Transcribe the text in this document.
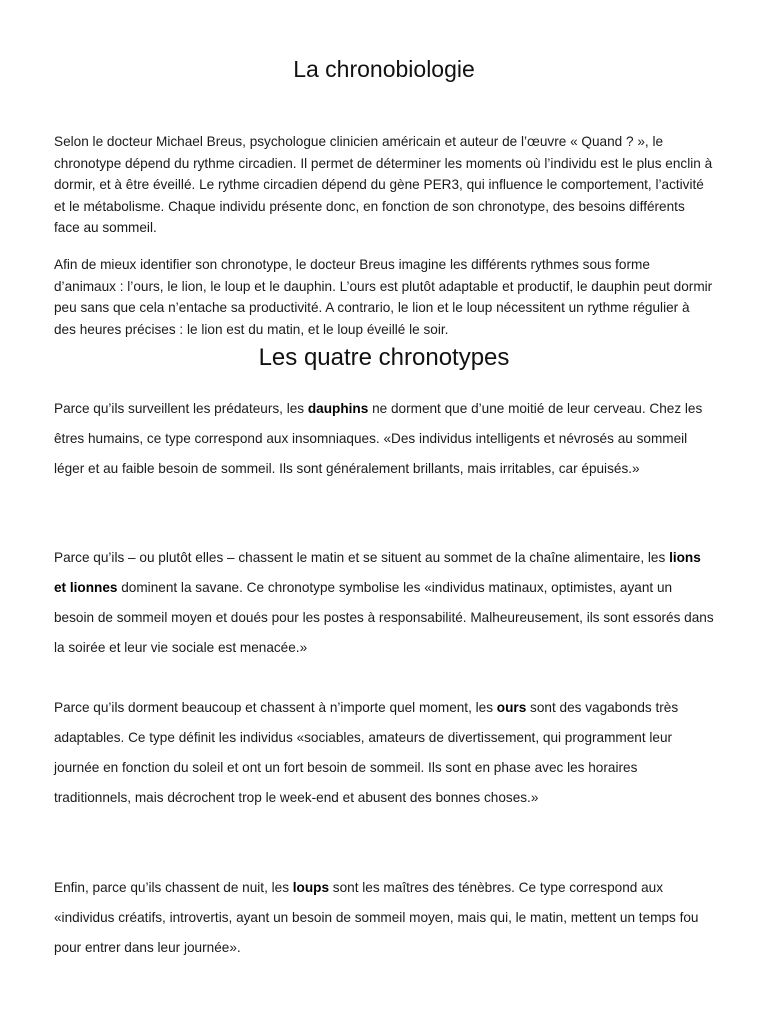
La chronobiologie

Selon le docteur Michael Breus, psychologue clinicien américain et auteur de l’œuvre « Quand ? », le chronotype dépend du rythme circadien. Il permet de déterminer les moments où l’individu est le plus enclin à dormir, et à être éveillé. Le rythme circadien dépend du gène PER3, qui influence le comportement, l’activité et le métabolisme. Chaque individu présente donc, en fonction de son chronotype, des besoins différents face au sommeil.

Afin de mieux identifier son chronotype, le docteur Breus imagine les différents rythmes sous forme d’animaux : l’ours, le lion, le loup et le dauphin. L’ours est plutôt adaptable et productif, le dauphin peut dormir peu sans que cela n’entache sa productivité. A contrario, le lion et le loup nécessitent un rythme régulier à des heures précises : le lion est du matin, et le loup éveillé le soir.

Les quatre chronotypes

Parce qu’ils surveillent les prédateurs, les dauphins ne dorment que d’une moitié de leur cerveau. Chez les êtres humains, ce type correspond aux insomniaques. «Des individus intelligents et névrosés au sommeil léger et au faible besoin de sommeil. Ils sont généralement brillants, mais irritables, car épuisés.»

Parce qu’ils – ou plutôt elles – chassent le matin et se situent au sommet de la chaîne alimentaire, les lions et lionnes dominent la savane. Ce chronotype symbolise les «individus matinaux, optimistes, ayant un besoin de sommeil moyen et doués pour les postes à responsabilité. Malheureusement, ils sont essorés dans la soirée et leur vie sociale est menacée.»

Parce qu’ils dorment beaucoup et chassent à n’importe quel moment, les ours sont des vagabonds très adaptables. Ce type définit les individus «sociables, amateurs de divertissement, qui programment leur journée en fonction du soleil et ont un fort besoin de sommeil. Ils sont en phase avec les horaires traditionnels, mais décrochent trop le week-end et abusent des bonnes choses.»

Enfin, parce qu’ils chassent de nuit, les loups sont les maîtres des ténèbres. Ce type correspond aux «individus créatifs, introvertis, ayant un besoin de sommeil moyen, mais qui, le matin, mettent un temps fou pour entrer dans leur journée».
